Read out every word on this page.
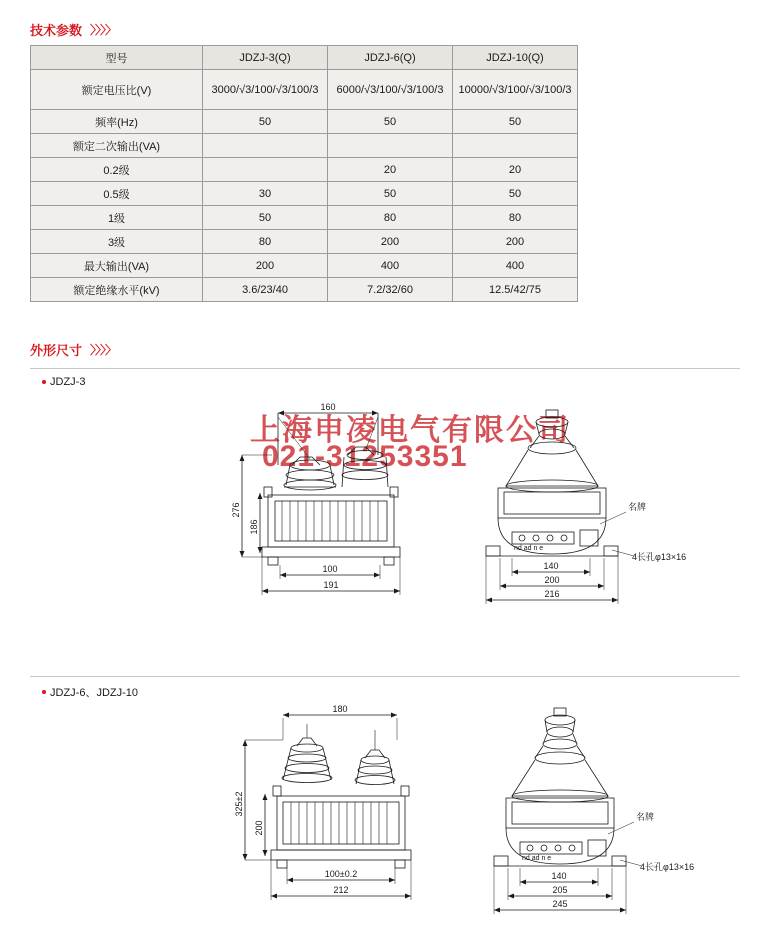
技术参数 〉〉〉〉
型号	JDZJ-3(Q)	JDZJ-6(Q)	JDZJ-10(Q)
额定电压比(V)	3000/√3/100/√3/100/3	6000/√3/100/√3/100/3	10000/√3/100/√3/100/3
频率(Hz)	50	50	50
额定二次输出(VA)			
0.2级		20	20
0.5级	30	50	50
1级	50	80	80
3级	80	200	200
最大输出(VA)	200	400	400
额定绝缘水平(kV)	3.6/23/40	7.2/32/60	12.5/42/75
外形尺寸 〉〉〉〉
JDZJ-3
JDZJ-6、JDZJ-10
上海申凌电气有限公司
021-31253351
160
276
186
100
191
名牌
4长孔φ13×16
nd ad n e
140
200
216
180
325±2
200
100±0.2
212
名牌
4长孔φ13×16
nd ad n e
140
205
245
